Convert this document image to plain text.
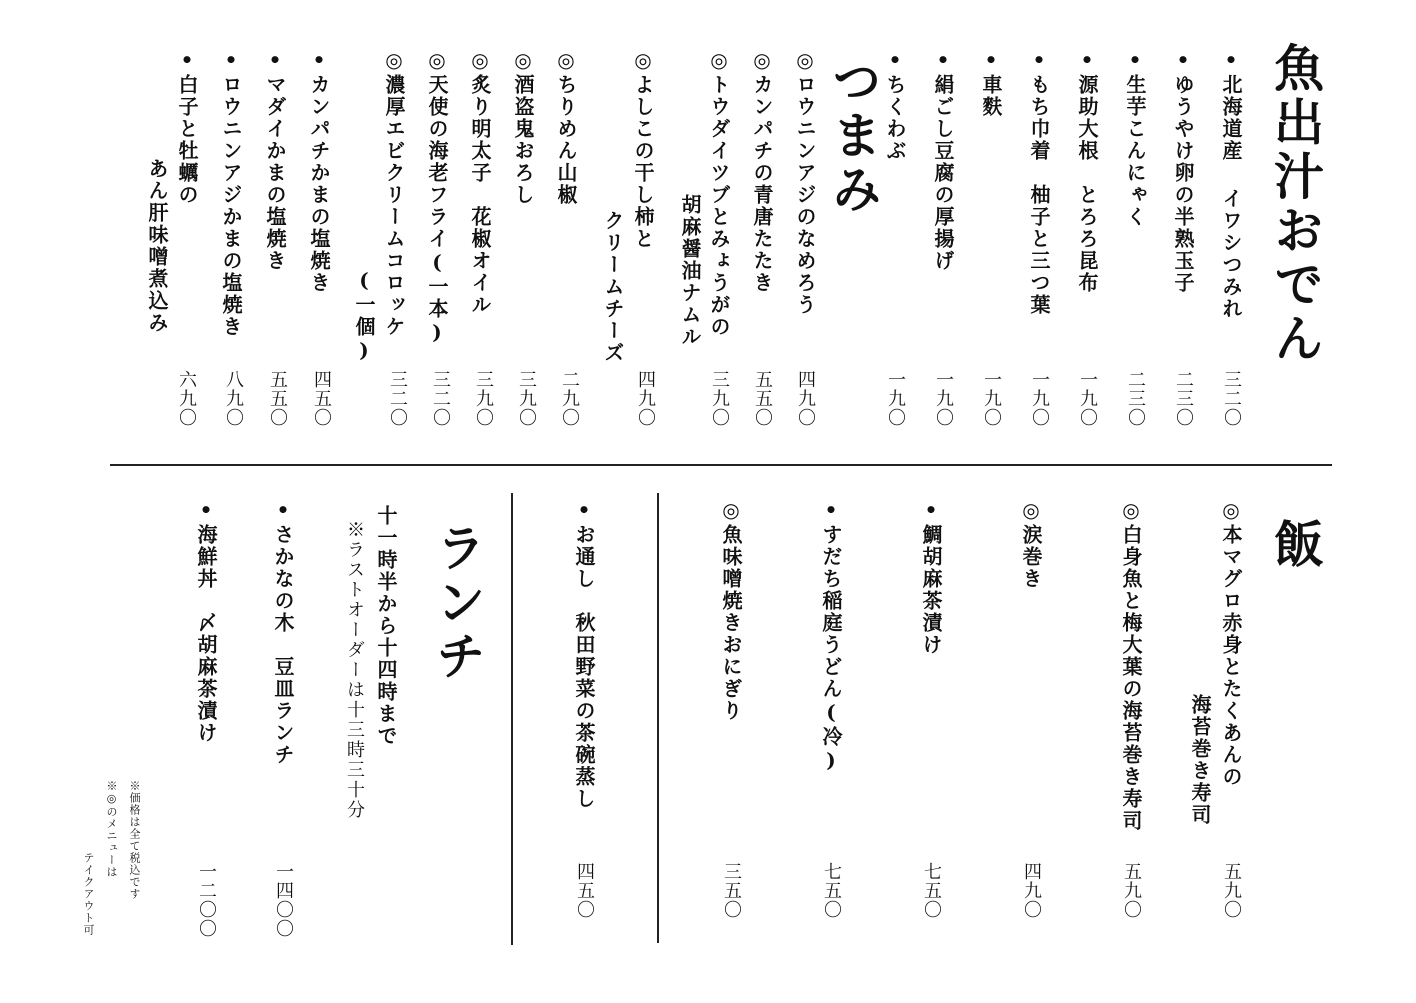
魚出汁おでん
•北海道産 イワシつみれ
三二〇
•ゆうやけ卵の半熟玉子
二三〇
•生芋こんにゃく
二三〇
•源助大根　とろろ昆布
一九〇
•もち巾着　柚子と三つ葉
一九〇
•車麩
一九〇
•絹ごし豆腐の厚揚げ
一九〇
•ちくわぶ
一九〇
つまみ
◎ロウニンアジのなめろう
四九〇
◎カンパチの青唐たたき
五五〇
◎トウダイツブとみょうがの
胡麻醤油ナムル
三九〇
◎よしこの干し柿と
クリームチーズ
四九〇
◎ちりめん山椒
二九〇
◎酒盗鬼おろし
三九〇
◎炙り明太子　花椒オイル
三九〇
◎天使の海老フライ(一本)
三二〇
◎濃厚エビクリームコロッケ
(一個)
三二〇
•カンパチかまの塩焼き
四五〇
•マダイかまの塩焼き
五五〇
•ロウニンアジかまの塩焼き
八九〇
•白子と牡蠣の
あん肝味噌煮込み
六九〇
飯
◎本マグロ赤身とたくあんの
海苔巻き寿司
五九〇
◎白身魚と梅大葉の海苔巻き寿司
五九〇
◎涙巻き
四九〇
•鯛胡麻茶漬け
七五〇
•すだち稲庭うどん(冷)
七五〇
◎魚味噌焼きおにぎり
三五〇
•お通し　秋田野菜の茶碗蒸し
四五〇
ランチ
十一時半から十四時まで
※ラストオーダーは十三時三十分
•さかなの木　豆皿ランチ
一四〇〇
•海鮮丼　〆胡麻茶漬け
一二〇〇
※価格は全て税込です
※◎のメニューは
テイクアウト可
